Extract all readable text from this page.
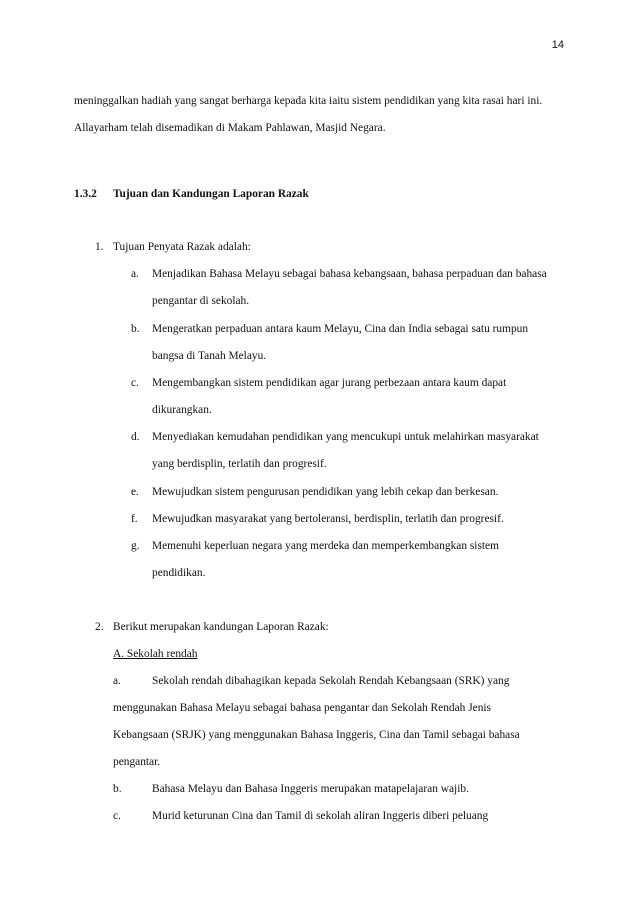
14
meninggalkan hadiah yang sangat berharga kepada kita iaitu sistem pendidikan yang kita rasai hari ini.
Allayarham telah disemadikan di Makam Pahlawan, Masjid Negara.
1.3.2 Tujuan dan Kandungan Laporan Razak
1. Tujuan Penyata Razak adalah:
a. Menjadikan Bahasa Melayu sebagai bahasa kebangsaan, bahasa perpaduan dan bahasa
pengantar di sekolah.
b. Mengeratkan perpaduan antara kaum Melayu, Cina dan India sebagai satu rumpun
bangsa di Tanah Melayu.
c. Mengembangkan sistem pendidikan agar jurang perbezaan antara kaum dapat
dikurangkan.
d. Menyediakan kemudahan pendidikan yang mencukupi untuk melahirkan masyarakat
yang berdisplin, terlatih dan progresif.
e. Mewujudkan sistem pengurusan pendidikan yang lebih cekap dan berkesan.
f. Mewujudkan masyarakat yang bertoleransi, berdisplin, terlatih dan progresif.
g. Memenuhi keperluan negara yang merdeka dan memperkembangkan sistem
pendidikan.
2. Berikut merupakan kandungan Laporan Razak:
A. Sekolah rendah
a.	Sekolah rendah dibahagikan kepada Sekolah Rendah Kebangsaan (SRK) yang
menggunakan Bahasa Melayu sebagai bahasa pengantar dan Sekolah Rendah Jenis
Kebangsaan (SRJK) yang menggunakan Bahasa Inggeris, Cina dan Tamil sebagai bahasa
pengantar.
b.	Bahasa Melayu dan Bahasa Inggeris merupakan matapelajaran wajib.
c.	Murid keturunan Cina dan Tamil di sekolah aliran Inggeris diberi peluang
